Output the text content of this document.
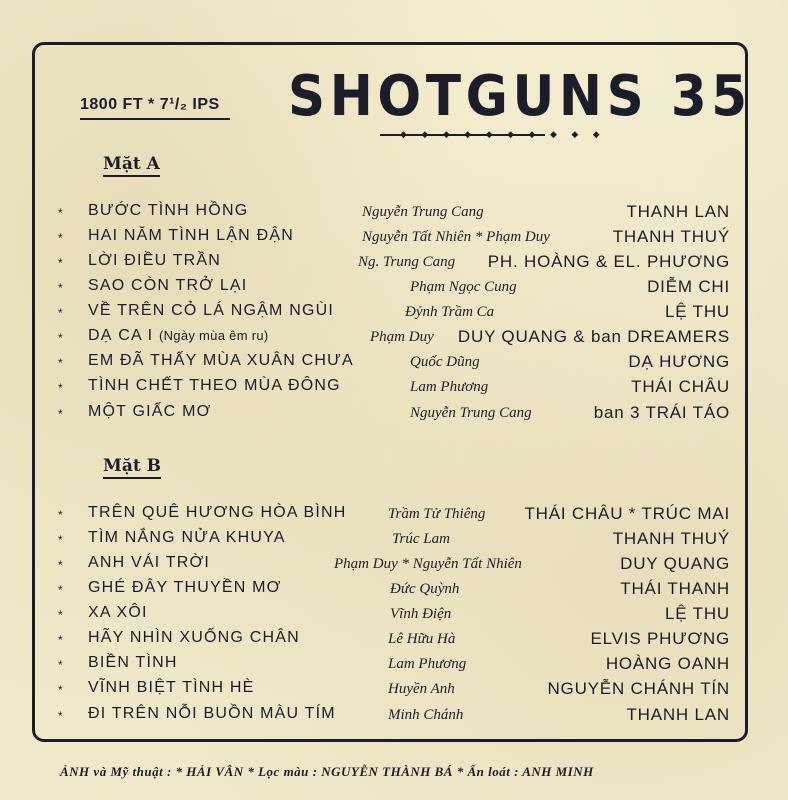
1800 FT * 7¹/₂ IPS SHOTGUNS 35
◆ ◆ ◆ ◆ ◆ ◆ ◆ ◆ ◆ ◆
Mặt A
Mặt B
* BƯỚC TÌNH HỒNG	Nguyễn Trung Cang	THANH LAN
* HAI NĂM TÌNH LẬN ĐẬN	Nguyễn Tất Nhiên * Phạm Duy	THANH THUÝ
* LỜI ĐIỀU TRẦN	Ng. Trung Cang PH. HOÀNG & EL. PHƯƠNG
* SAO CÒN TRỞ LẠI	Phạm Ngọc Cung	DIỄM CHI
* VỀ TRÊN CỎ LÁ NGẬM NGÙI	Đỷnh Trầm Ca	LỆ THU
* DẠ CA I (Ngày mùa êm ru)	Phạm Duy DUY QUANG & ban DREAMERS
* EM ĐÃ THẤY MÙA XUÂN CHƯA	Quốc Dũng	DẠ HƯƠNG
* TÌNH CHẾT THEO MÙA ĐÔNG	Lam Phương	THÁI CHÂU
* MỘT GIẤC MƠ	Nguyễn Trung Cang	ban 3 TRÁI TÁO
* TRÊN QUÊ HƯƠNG HÒA BÌNH	Trầm Tử Thiêng THÁI CHÂU * TRÚC MAI
* TÌM NẮNG NỬA KHUYA	Trúc Lam	THANH THUÝ
* ANH VÁI TRỜI	Phạm Duy * Nguyễn Tất Nhiên	DUY QUANG
* GHÉ ĐÂY THUYỀN MƠ	Đức Quỳnh	THÁI THANH
* XA XÔI	Vĩnh Điện	LỆ THU
* HÃY NHÌN XUỐNG CHÂN	Lê Hữu Hà	ELVIS PHƯƠNG
* BIỀN TÌNH	Lam Phương	HOÀNG OANH
* VĨNH BIỆT TÌNH HÈ	Huyền Anh	NGUYỄN CHÁNH TÍN
* ĐI TRÊN NỖI BUỒN MÀU TÍM	Minh Chánh	THANH LAN
ẢNH và Mỹ thuật : * HẢI VÂN * Lọc màu : NGUYỄN THÀNH BÁ * Ấn loát : ANH MINH
